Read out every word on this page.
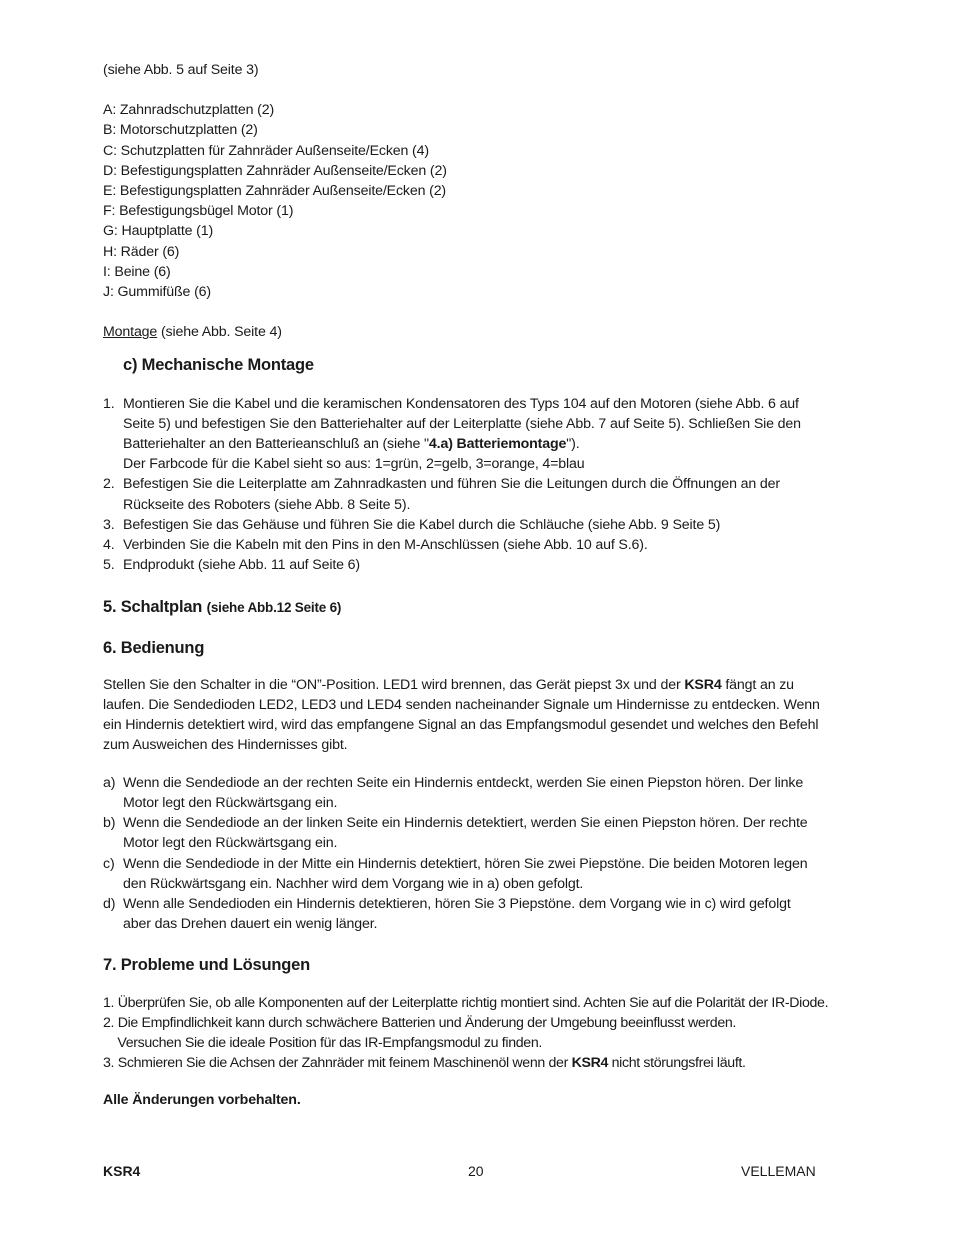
(siehe Abb. 5 auf Seite 3)
A: Zahnradschutzplatten (2)
B: Motorschutzplatten (2)
C: Schutzplatten für Zahnräder Außenseite/Ecken (4)
D: Befestigungsplatten Zahnräder Außenseite/Ecken (2)
E: Befestigungsplatten Zahnräder Außenseite/Ecken (2)
F: Befestigungsbügel Motor (1)
G: Hauptplatte (1)
H: Räder (6)
I: Beine (6)
J: Gummifüße (6)
Montage (siehe Abb. Seite 4)
c) Mechanische Montage
1. Montieren Sie die Kabel und die keramischen Kondensatoren des Typs 104 auf den Motoren (siehe Abb. 6 auf
Seite 5) und befestigen Sie den Batteriehalter auf der Leiterplatte (siehe Abb. 7 auf Seite 5). Schließen Sie den
Batteriehalter an den Batterieanschluß an (siehe "4.a) Batteriemontage").
Der Farbcode für die Kabel sieht so aus: 1=grün, 2=gelb, 3=orange, 4=blau
2. Befestigen Sie die Leiterplatte am Zahnradkasten und führen Sie die Leitungen durch die Öffnungen an der
Rückseite des Roboters (siehe Abb. 8 Seite 5).
3. Befestigen Sie das Gehäuse und führen Sie die Kabel durch die Schläuche (siehe Abb. 9 Seite 5)
4. Verbinden Sie die Kabeln mit den Pins in den M-Anschlüssen (siehe Abb. 10 auf S.6).
5. Endprodukt (siehe Abb. 11 auf Seite 6)
5. Schaltplan (siehe Abb.12 Seite 6)
6. Bedienung
Stellen Sie den Schalter in die “ON”-Position. LED1 wird brennen, das Gerät piepst 3x und der KSR4 fängt an zu
laufen. Die Sendedioden LED2, LED3 und LED4 senden nacheinander Signale um Hindernisse zu entdecken. Wenn
ein Hindernis detektiert wird, wird das empfangene Signal an das Empfangsmodul gesendet und welches den Befehl
zum Ausweichen des Hindernisses gibt.
a) Wenn die Sendediode an der rechten Seite ein Hindernis entdeckt, werden Sie einen Piepston hören. Der linke
Motor legt den Rückwärtsgang ein.
b) Wenn die Sendediode an der linken Seite ein Hindernis detektiert, werden Sie einen Piepston hören. Der rechte
Motor legt den Rückwärtsgang ein.
c) Wenn die Sendediode in der Mitte ein Hindernis detektiert, hören Sie zwei Piepstöne. Die beiden Motoren legen
den Rückwärtsgang ein. Nachher wird dem Vorgang wie in a) oben gefolgt.
d) Wenn alle Sendedioden ein Hindernis detektieren, hören Sie 3 Piepstöne. dem Vorgang wie in c) wird gefolgt
aber das Drehen dauert ein wenig länger.
7. Probleme und Lösungen
1. Überprüfen Sie, ob alle Komponenten auf der Leiterplatte richtig montiert sind. Achten Sie auf die Polarität der IR-Diode.
2. Die Empfindlichkeit kann durch schwächere Batterien und Änderung der Umgebung beeinflusst werden.
Versuchen Sie die ideale Position für das IR-Empfangsmodul zu finden.
3. Schmieren Sie die Achsen der Zahnräder mit feinem Maschinenöl wenn der KSR4 nicht störungsfrei läuft.
Alle Änderungen vorbehalten.
KSR4	20	VELLEMAN
